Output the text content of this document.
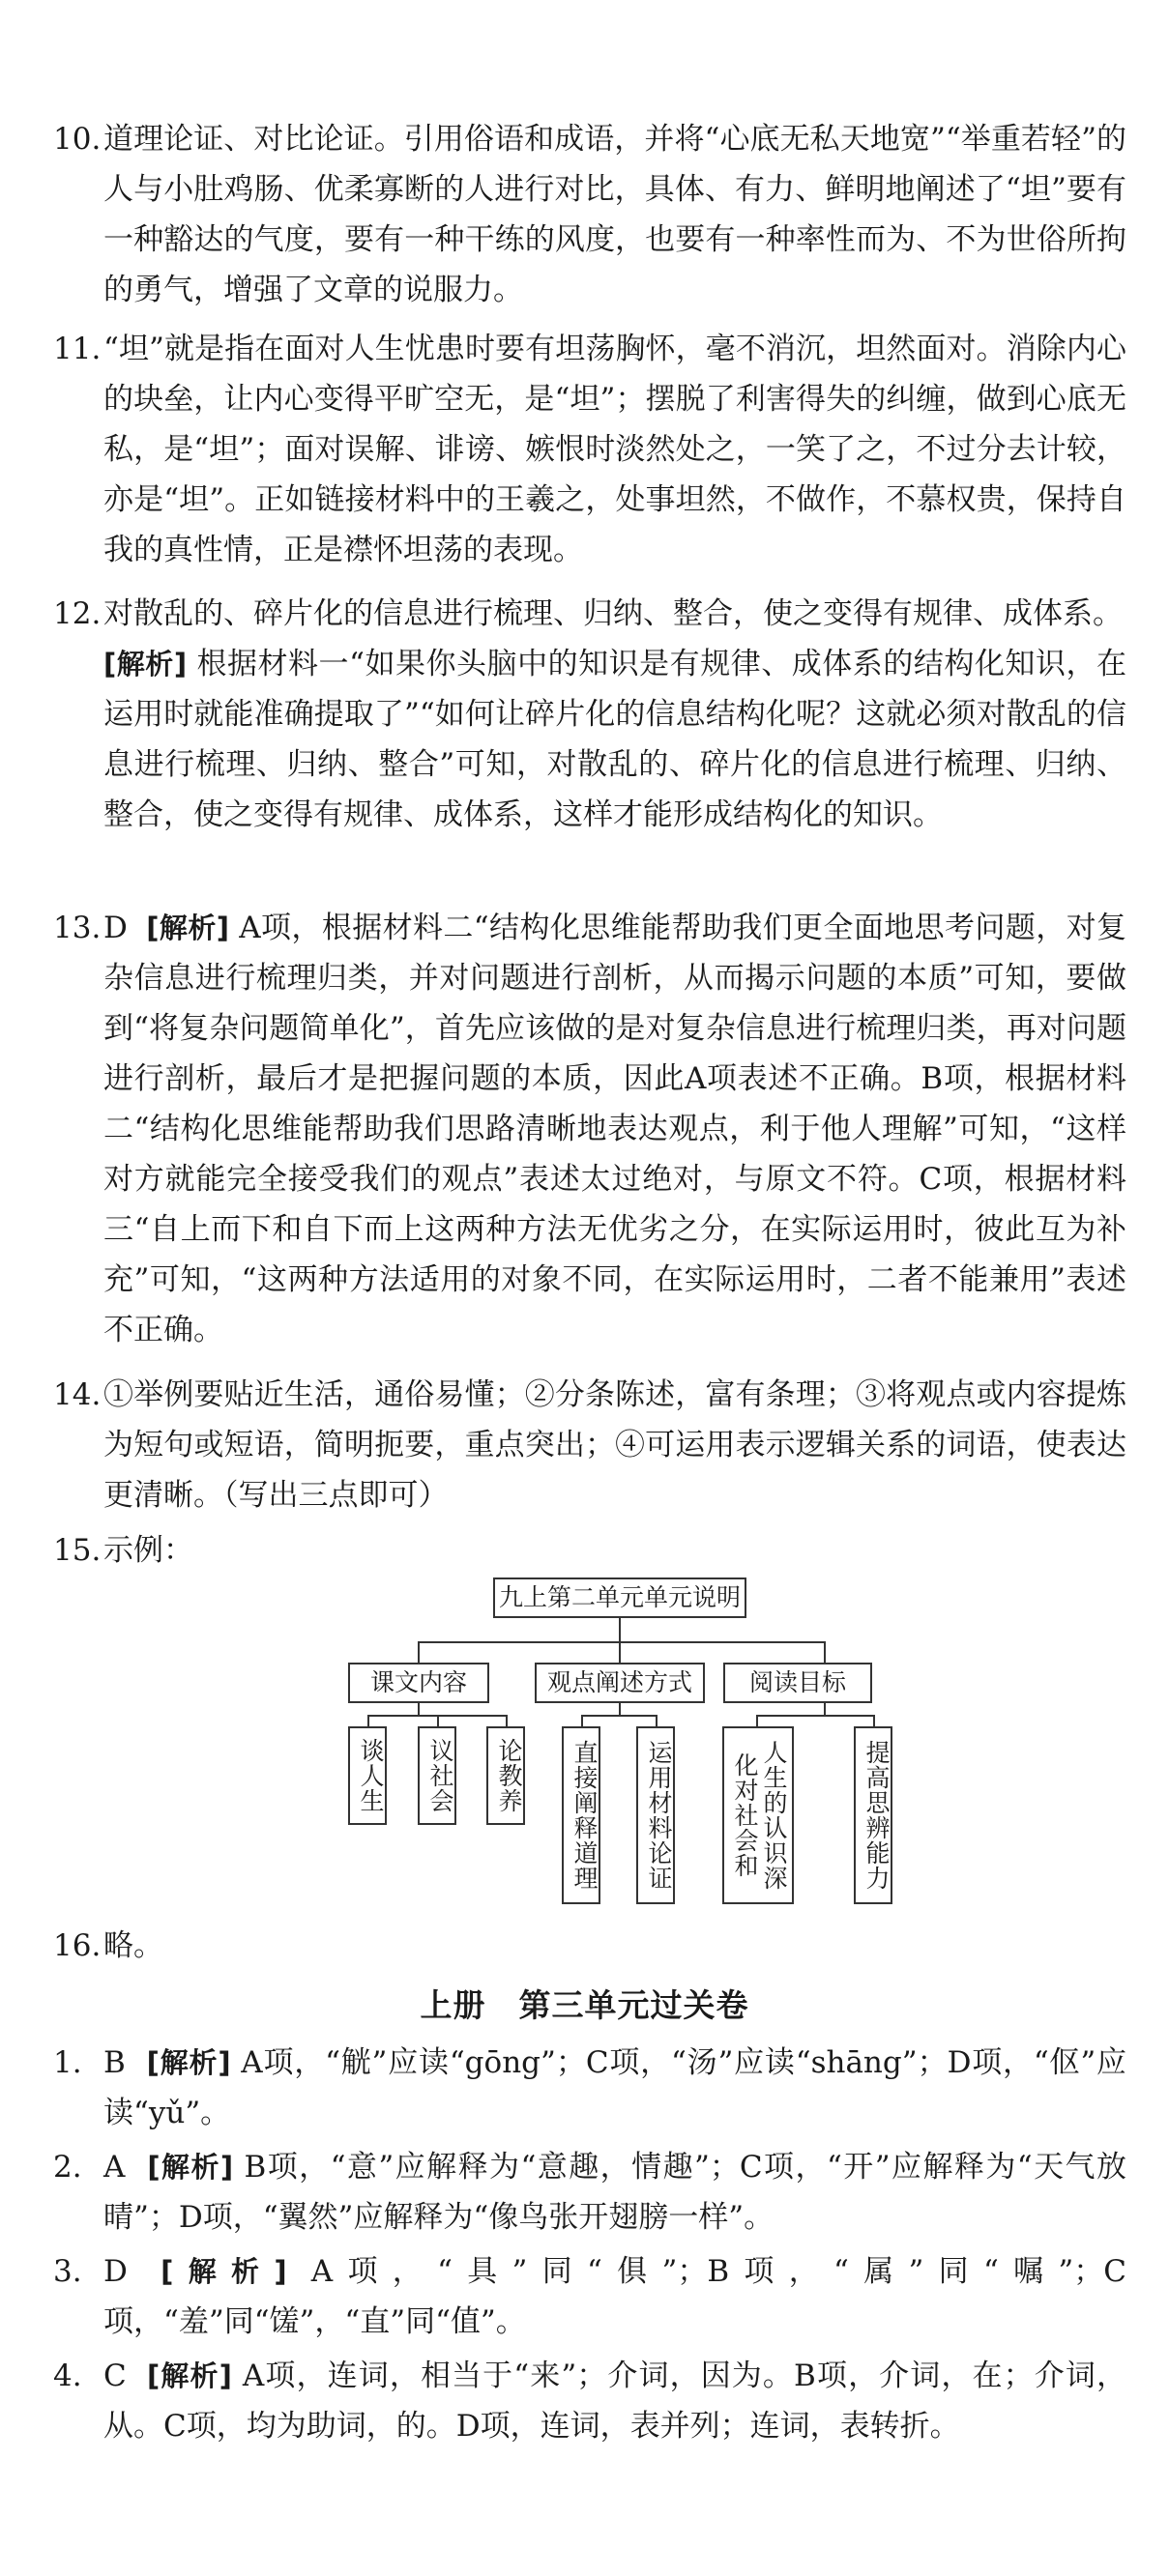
10. 道理论证、对比论证。引用俗语和成语，并将“心底无私天地宽”“举重若轻”的人与小肚鸡肠、优柔寡断的人进行对比，具体、有力、鲜明地阐述了“坦”要有一种豁达的气度，要有一种干练的风度，也要有一种率性而为、不为世俗所拘的勇气，增强了文章的说服力。
11. “坦”就是指在面对人生忧患时要有坦荡胸怀，毫不消沉，坦然面对。消除内心的块垒，让内心变得平旷空无，是“坦”；摆脱了利害得失的纠缠，做到心底无私，是“坦”；面对误解、诽谤、嫉恨时淡然处之，一笑了之，不过分去计较，亦是“坦”。正如链接材料中的王羲之，处事坦然，不做作，不慕权贵，保持自我的真性情，正是襟怀坦荡的表现。
12. 对散乱的、碎片化的信息进行梳理、归纳、整合，使之变得有规律、成体系。
[解析] 根据材料一“如果你头脑中的知识是有规律、成体系的结构化知识，在运用时就能准确提取了”“如何让碎片化的信息结构化呢？这就必须对散乱的信息进行梳理、归纳、整合”可知，对散乱的、碎片化的信息进行梳理、归纳、整合，使之变得有规律、成体系，这样才能形成结构化的知识。
13. D [解析] A项，根据材料二“结构化思维能帮助我们更全面地思考问题，对复杂信息进行梳理归类，并对问题进行剖析，从而揭示问题的本质”可知，要做到“将复杂问题简单化”，首先应该做的是对复杂信息进行梳理归类，再对问题进行剖析，最后才是把握问题的本质，因此A项表述不正确。B项，根据材料二“结构化思维能帮助我们思路清晰地表达观点，利于他人理解”可知，“这样对方就能完全接受我们的观点”表述太过绝对，与原文不符。C项，根据材料三“自上而下和自下而上这两种方法无优劣之分，在实际运用时，彼此互为补充”可知，“这两种方法适用的对象不同，在实际运用时，二者不能兼用”表述不正确。
14. ①举例要贴近生活，通俗易懂；②分条陈述，富有条理；③将观点或内容提炼为短句或短语，简明扼要，重点突出；④可运用表示逻辑关系的词语，使表达更清晰。（写出三点即可）
15. 示例：
九上第二单元单元说明
课文内容	观点阐述方式	阅读目标
谈人生	议社会	论教养	直接阐释道理	运用材料论证	人生的认识深化对社会和	提高思辨能力
16. 略。
上册　第三单元过关卷
1. B [解析] A项，“觥”应读“gōng”；C项，“汤”应读“shāng”；D项，“伛”应读“yǔ”。
2. A [解析] B项，“意”应解释为“意趣，情趣”；C项，“开”应解释为“天气放晴”；D项，“翼然”应解释为“像鸟张开翅膀一样”。
3. D [解析] A项，“具”同“俱”；B项，“属”同“嘱”；C项，“羞”同“馐”，“直”同“值”。
4. C [解析] A项，连词，相当于“来”；介词，因为。B项，介词，在；介词，从。C项，均为助词，的。D项，连词，表并列；连词，表转折。
